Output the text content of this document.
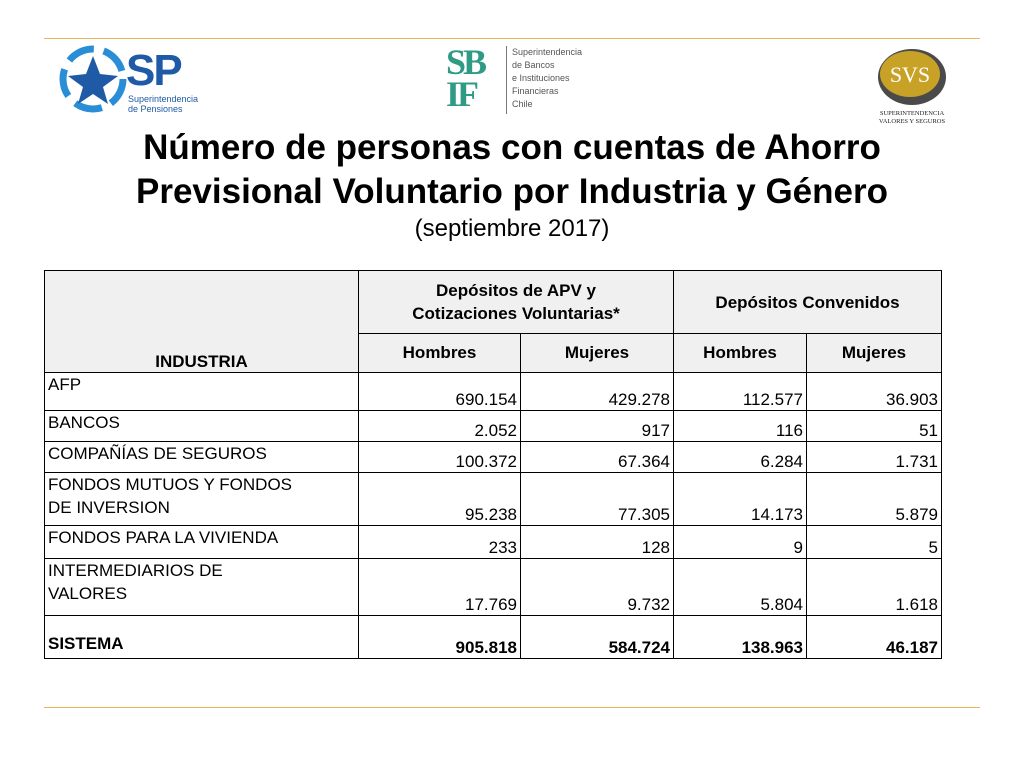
SP
Superintendencia
de Pensiones
SB
IF
Superintendencia
de Bancos
e Instituciones
Financieras
Chile
SVS
SUPERINTENDENCIA
VALORES Y SEGUROS
Número de personas con cuentas de Ahorro
Previsional Voluntario por Industria y Género
(septiembre 2017)
INDUSTRIA	Depósitos de APV y
Cotizaciones Voluntarias*		Depósitos Convenidos	
	Hombres	Mujeres	Hombres	Mujeres

AFP	690.154	429.278	112.577	36.903

BANCOS	2.052	917	116	51

COMPAÑÍAS DE SEGUROS	100.372	67.364	6.284	1.731

FONDOS MUTUOS Y FONDOS
DE INVERSION	95.238	77.305	14.173	5.879

FONDOS PARA LA VIVIENDA	233	128	9	5

INTERMEDIARIOS DE
VALORES	17.769	9.732	5.804	1.618

SISTEMA	905.818	584.724	138.963	46.187
